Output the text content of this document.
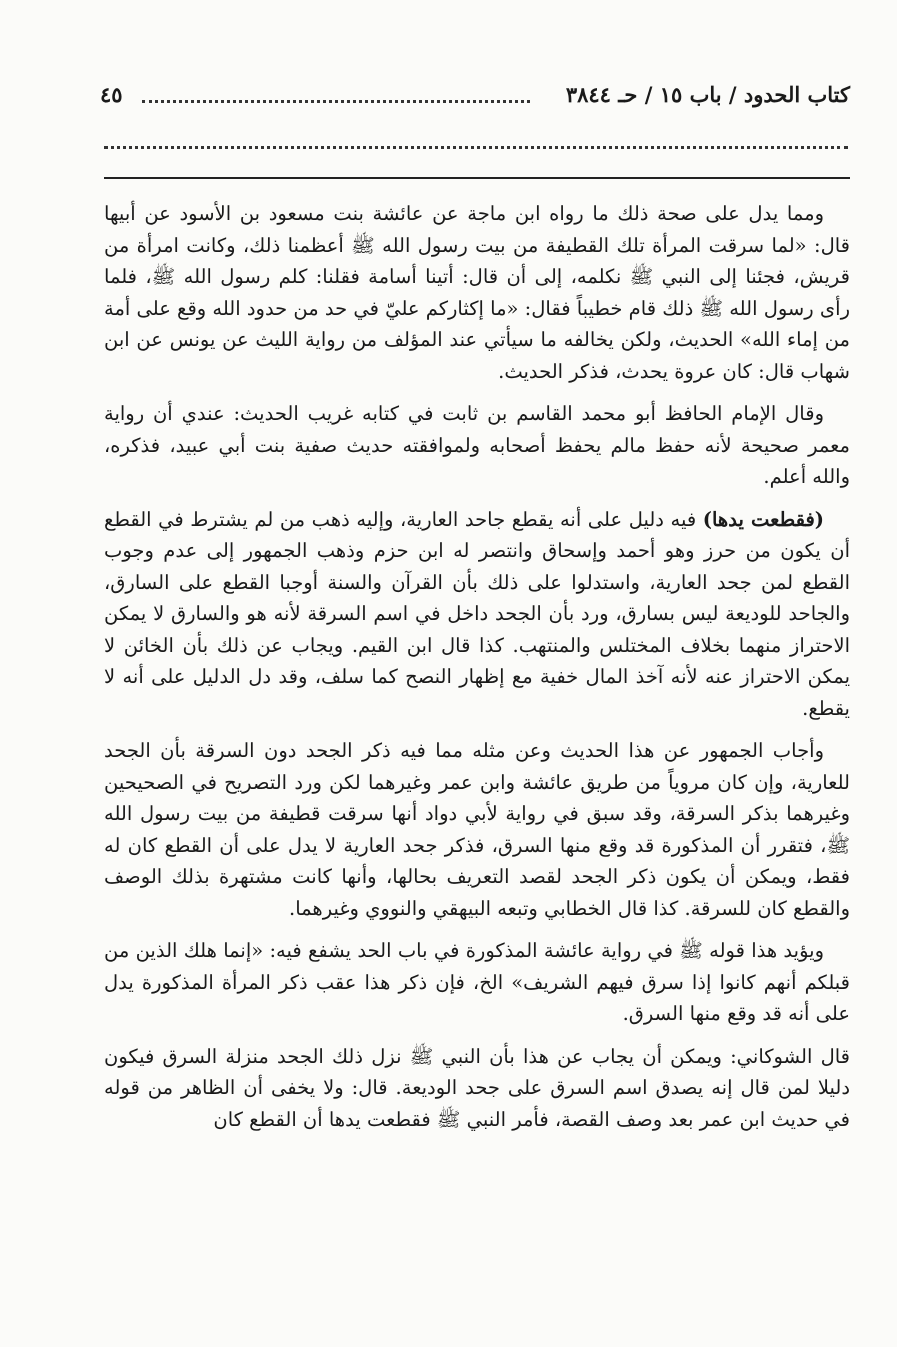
كتاب الحدود / باب ١٥ / حـ ٣٨٤٤
٤٥

ومما يدل على صحة ذلك ما رواه ابن ماجة عن عائشة بنت مسعود بن الأسود عن أبيها قال: «لما سرقت المرأة تلك القطيفة من بيت رسول الله ﷺ أعظمنا ذلك، وكانت امرأة من قريش، فجئنا إلى النبي ﷺ نكلمه، إلى أن قال: أتينا أسامة فقلنا: كلم رسول الله ﷺ، فلما رأى رسول الله ﷺ ذلك قام خطيباً فقال: «ما إكثاركم عليّ في حد من حدود الله وقع على أمة من إماء الله» الحديث، ولكن يخالفه ما سيأتي عند المؤلف من رواية الليث عن يونس عن ابن شهاب قال: كان عروة يحدث، فذكر الحديث.

وقال الإمام الحافظ أبو محمد القاسم بن ثابت في كتابه غريب الحديث: عندي أن رواية معمر صحيحة لأنه حفظ مالم يحفظ أصحابه ولموافقته حديث صفية بنت أبي عبيد، فذكره، والله أعلم.

(فقطعت يدها) فيه دليل على أنه يقطع جاحد العارية، وإليه ذهب من لم يشترط في القطع أن يكون من حرز وهو أحمد وإسحاق وانتصر له ابن حزم وذهب الجمهور إلى عدم وجوب القطع لمن جحد العارية، واستدلوا على ذلك بأن القرآن والسنة أوجبا القطع على السارق، والجاحد للوديعة ليس بسارق، ورد بأن الجحد داخل في اسم السرقة لأنه هو والسارق لا يمكن الاحتراز منهما بخلاف المختلس والمنتهب. كذا قال ابن القيم. ويجاب عن ذلك بأن الخائن لا يمكن الاحتراز عنه لأنه آخذ المال خفية مع إظهار النصح كما سلف، وقد دل الدليل على أنه لا يقطع.

وأجاب الجمهور عن هذا الحديث وعن مثله مما فيه ذكر الجحد دون السرقة بأن الجحد للعارية، وإن كان مروياً من طريق عائشة وابن عمر وغيرهما لكن ورد التصريح في الصحيحين وغيرهما بذكر السرقة، وقد سبق في رواية لأبي دواد أنها سرقت قطيفة من بيت رسول الله ﷺ، فتقرر أن المذكورة قد وقع منها السرق، فذكر جحد العارية لا يدل على أن القطع كان له فقط، ويمكن أن يكون ذكر الجحد لقصد التعريف بحالها، وأنها كانت مشتهرة بذلك الوصف والقطع كان للسرقة. كذا قال الخطابي وتبعه البيهقي والنووي وغيرهما.

ويؤيد هذا قوله ﷺ في رواية عائشة المذكورة في باب الحد يشفع فيه: «إنما هلك الذين من قبلكم أنهم كانوا إذا سرق فيهم الشريف» الخ، فإن ذكر هذا عقب ذكر المرأة المذكورة يدل على أنه قد وقع منها السرق.

قال الشوكاني: ويمكن أن يجاب عن هذا بأن النبي ﷺ نزل ذلك الجحد منزلة السرق فيكون دليلا لمن قال إنه يصدق اسم السرق على جحد الوديعة. قال: ولا يخفى أن الظاهر من قوله في حديث ابن عمر بعد وصف القصة، فأمر النبي ﷺ فقطعت يدها أن القطع كان
